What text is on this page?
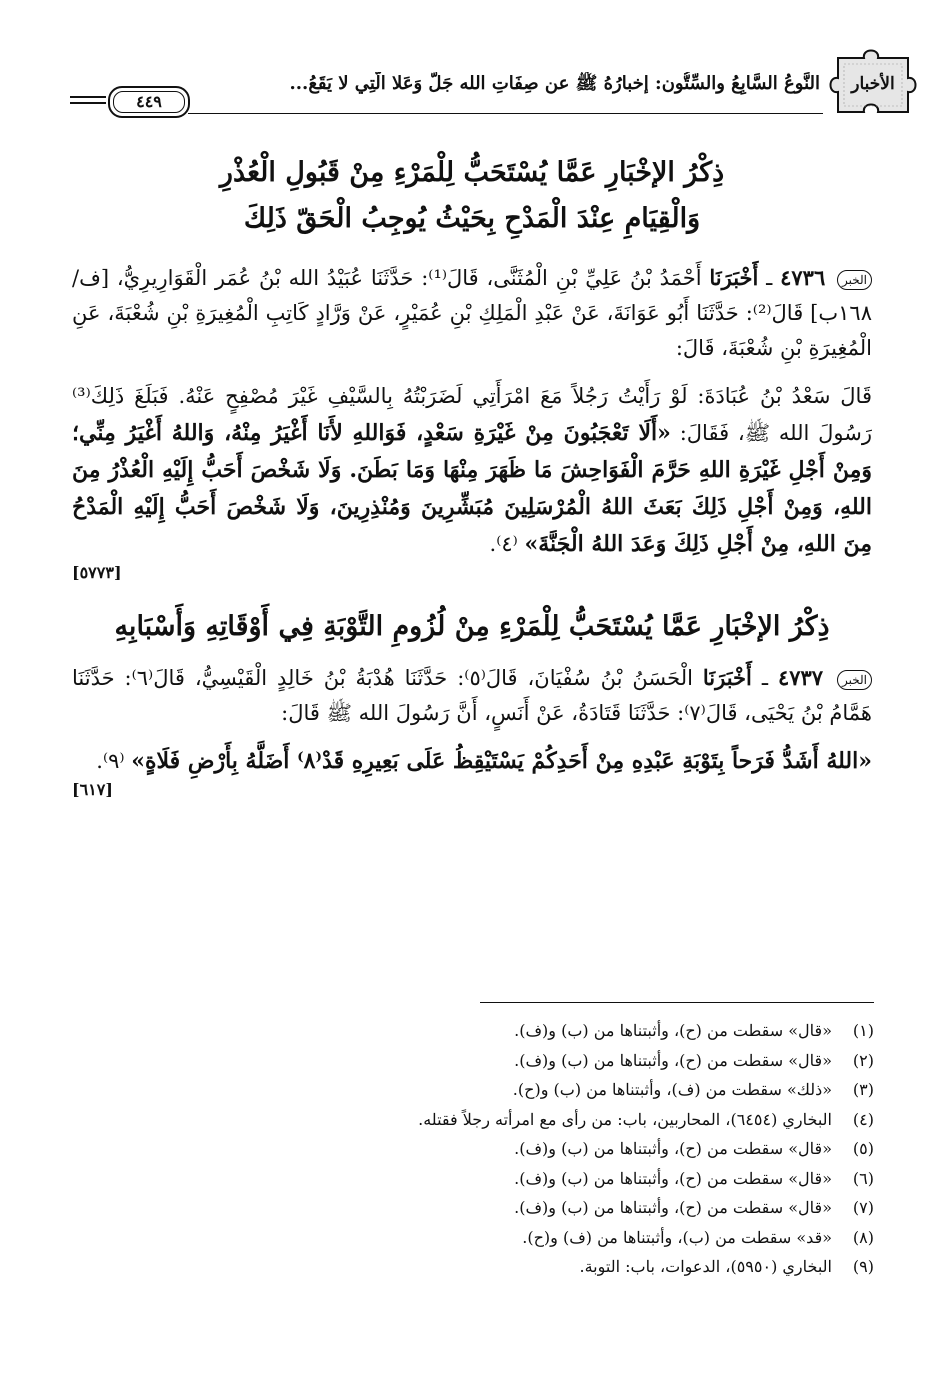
الأخبار
النَّوعُ السَّابِعُ والسِّتُّون: إخبارُهُ ﷺ عن صِفَاتِ الله جَلَّ وَعَلا الَّتِي لا يَقَعُ...
٤٤٩
ذِكْرُ الإخْبَارِ عَمَّا يُسْتَحَبُّ لِلْمَرْءِ مِنْ قَبُولِ الْعُذْرِ
وَالْقِيَامِ عِنْدَ الْمَدْحِ بِحَيْثُ يُوجِبُ الْحَقّ ذَلِكَ

الخبر ٤٧٣٦ ـ أَخْبَرَنَا أَحْمَدُ بْنُ عَلِيِّ بْنِ الْمُثَنَّى، قَالَ⁽¹⁾: حَدَّثَنَا عُبَيْدُ الله بْنُ عُمَر الْقَوَارِيرِيُّ، [ف/١٦٨ب] قَالَ⁽²⁾: حَدَّثَنَا أَبُو عَوَانَةَ، عَنْ عَبْدِ الْمَلِكِ بْنِ عُمَيْرٍ، عَنْ وَرَّادٍ كَاتِبِ الْمُغِيرَةِ بْنِ شُعْبَةَ، عَنِ الْمُغِيرَةِ بْنِ شُعْبَةَ، قَالَ:

قَالَ سَعْدُ بْنُ عُبَادَةَ: لَوْ رَأَيْتُ رَجُلاً مَعَ امْرَأَتِي لَضَرَبْتُهُ بِالسَّيْفِ غَيْرَ مُصْفِحٍ عَنْهُ. فَبَلَغَ ذَلِكَ⁽³⁾ رَسُولَ الله ﷺ، فَقَالَ: «أَلَا تَعْجَبُونَ مِنْ غَيْرَةِ سَعْدٍ، فَوَاللهِ لأَنَا أَغْيَرُ مِنْهُ، وَاللهُ أَغْيَرُ مِنِّي؛ وَمِنْ أَجْلِ غَيْرَةِ اللهِ حَرَّمَ الْفَوَاحِشَ مَا ظَهَرَ مِنْهَا وَمَا بَطَنَ. وَلَا شَخْصَ أَحَبُّ إِلَيْهِ الْعُذْرُ مِنَ اللهِ، وَمِنْ أَجْلِ ذَلِكَ بَعَثَ اللهُ الْمُرْسَلِينَ مُبَشِّرِينَ وَمُنْذِرِينَ، وَلَا شَخْصَ أَحَبُّ إِلَيْهِ الْمَدْحُ مِنَ اللهِ، مِنْ أَجْلِ ذَلِكَ وَعَدَ اللهُ الْجَنَّةَ» ⁽٤⁾.

[٥٧٧٣]
ذِكْرُ الإخْبَارِ عَمَّا يُسْتَحَبُّ لِلْمَرْءِ مِنْ لُزُومِ التَّوْبَةِ فِي أَوْقَاتِهِ وَأَسْبَابِهِ

الخبر ٤٧٣٧ ـ أَخْبَرَنَا الْحَسَنُ بْنُ سُفْيَانَ، قَالَ⁽٥⁾: حَدَّثَنَا هُدْبَةُ بْنُ خَالِدٍ الْقَيْسِيُّ، قَالَ⁽٦⁾: حَدَّثَنَا هَمَّامُ بْنُ يَحْيَى، قَالَ⁽٧⁾: حَدَّثَنَا قَتَادَةُ، عَنْ أَنَسٍ، أَنَّ رَسُولَ الله ﷺ قَالَ:

«اللهُ أَشَدُّ فَرَحاً بِتَوْبَةِ عَبْدِهِ مِنْ أَحَدِكُمْ يَسْتَيْقِظُ عَلَى بَعِيرِهِ قَدْ⁽٨⁾ أَضَلَّهُ بِأَرْضِ فَلَاةٍ» ⁽٩⁾.

[٦١٧]
(١)
«قال» سقطت من (ح)، وأثبتناها من (ب) و(ف).
(٢)
«قال» سقطت من (ح)، وأثبتناها من (ب) و(ف).
(٣)
«ذلك» سقطت من (ف)، وأثبتناها من (ب) و(ح).
(٤)
البخاري (٦٤٥٤)، المحاربين، باب: من رأى مع امرأته رجلاً فقتله.
(٥)
«قال» سقطت من (ح)، وأثبتناها من (ب) و(ف).
(٦)
«قال» سقطت من (ح)، وأثبتناها من (ب) و(ف).
(٧)
«قال» سقطت من (ح)، وأثبتناها من (ب) و(ف).
(٨)
«قد» سقطت من (ب)، وأثبتناها من (ف) و(ح).
(٩)
البخاري (٥٩٥٠)، الدعوات، باب: التوبة.
